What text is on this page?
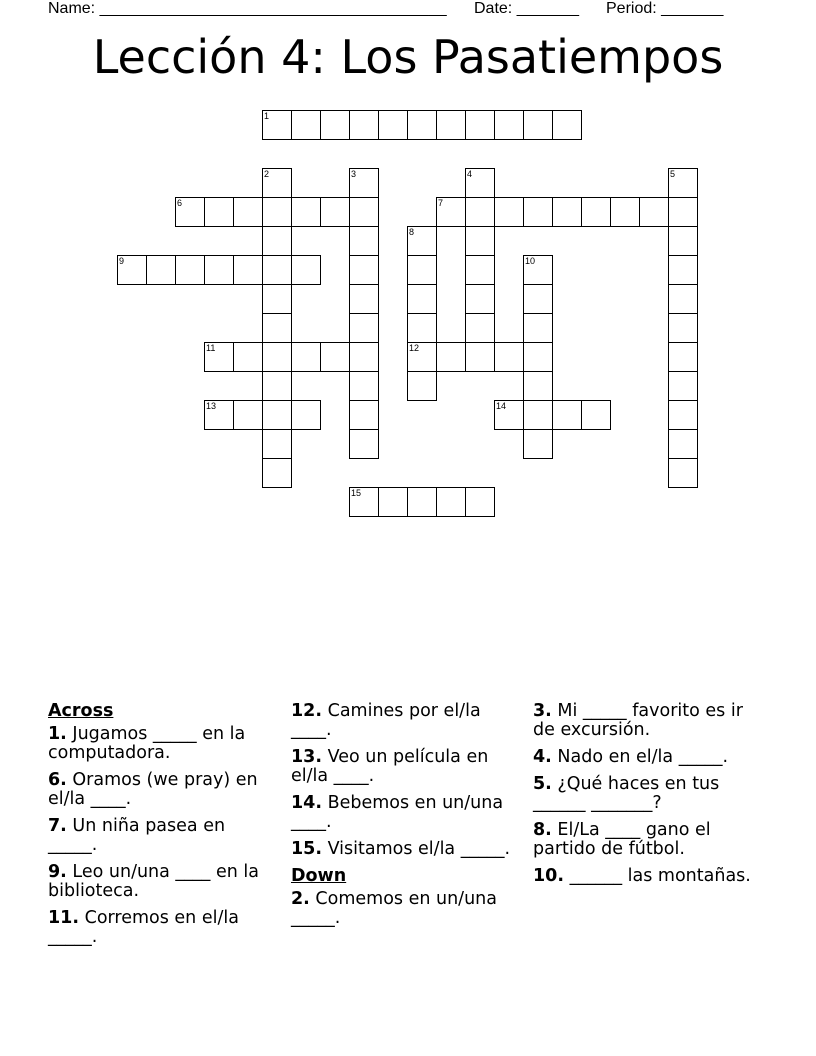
Name: _______________________________________ Date: _______ Period: _______
Lección 4: Los Pasatiempos
1
2	3	4	5
6	7
8
12
9	10
11
13	14
15
Across
1. Jugamos _____ en la computadora.
6. Oramos (we pray) en el/la ____.
7. Un niña pasea en _____.
9. Leo un/una ____ en la biblioteca.
11. Corremos en el/la _____.
12. Camines por el/la ____.
13. Veo un película en el/la ____.
14. Bebemos en un/una ____.
15. Visitamos el/la _____.
Down
2. Comemos en un/una _____.
3. Mi _____ favorito es ir de excursión.
4. Nado en el/la _____.
5. ¿Qué haces en tus ______ _______?
8. El/La ____ gano el partido de fútbol.
10. ______ las montañas.
